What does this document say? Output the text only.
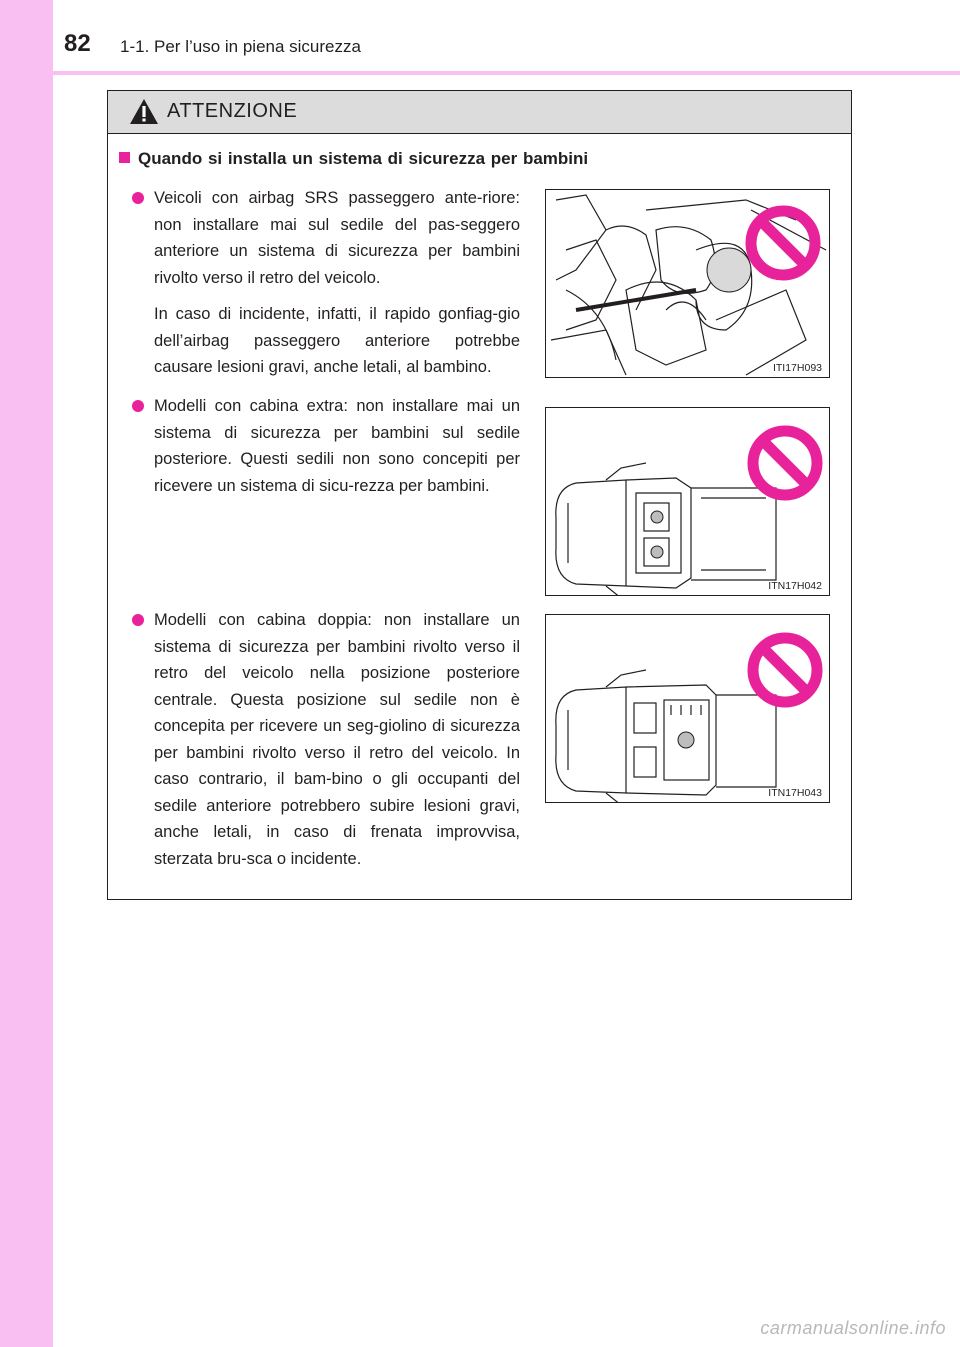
82 1-1. Per l’uso in piena sicurezza
ATTENZIONE
Quando si installa un sistema di sicurezza per bambini

Veicoli con airbag SRS passeggero ante-riore: non installare mai sul sedile del pas-seggero anteriore un sistema di sicurezza per bambini rivolto verso il retro del veicolo.

In caso di incidente, infatti, il rapido gonfiag-gio dell’airbag passeggero anteriore potrebbe causare lesioni gravi, anche letali, al bambino.	ITI17H093

Modelli con cabina extra: non installare mai un sistema di sicurezza per bambini sul sedile posteriore. Questi sedili non sono concepiti per ricevere un sistema di sicu-rezza per bambini.

ITN17H042

Modelli con cabina doppia: non installare un sistema di sicurezza per bambini rivolto verso il retro del veicolo nella posizione posteriore centrale. Questa posizione sul sedile non è concepita per ricevere un seg-giolino di sicurezza per bambini rivolto verso il retro del veicolo. In caso contrario, il bam-bino o gli occupanti del sedile anteriore potrebbero subire lesioni gravi, anche letali, in caso di frenata improvvisa, sterzata bru-sca o incidente.

ITN17H043
carmanualsonline.info
